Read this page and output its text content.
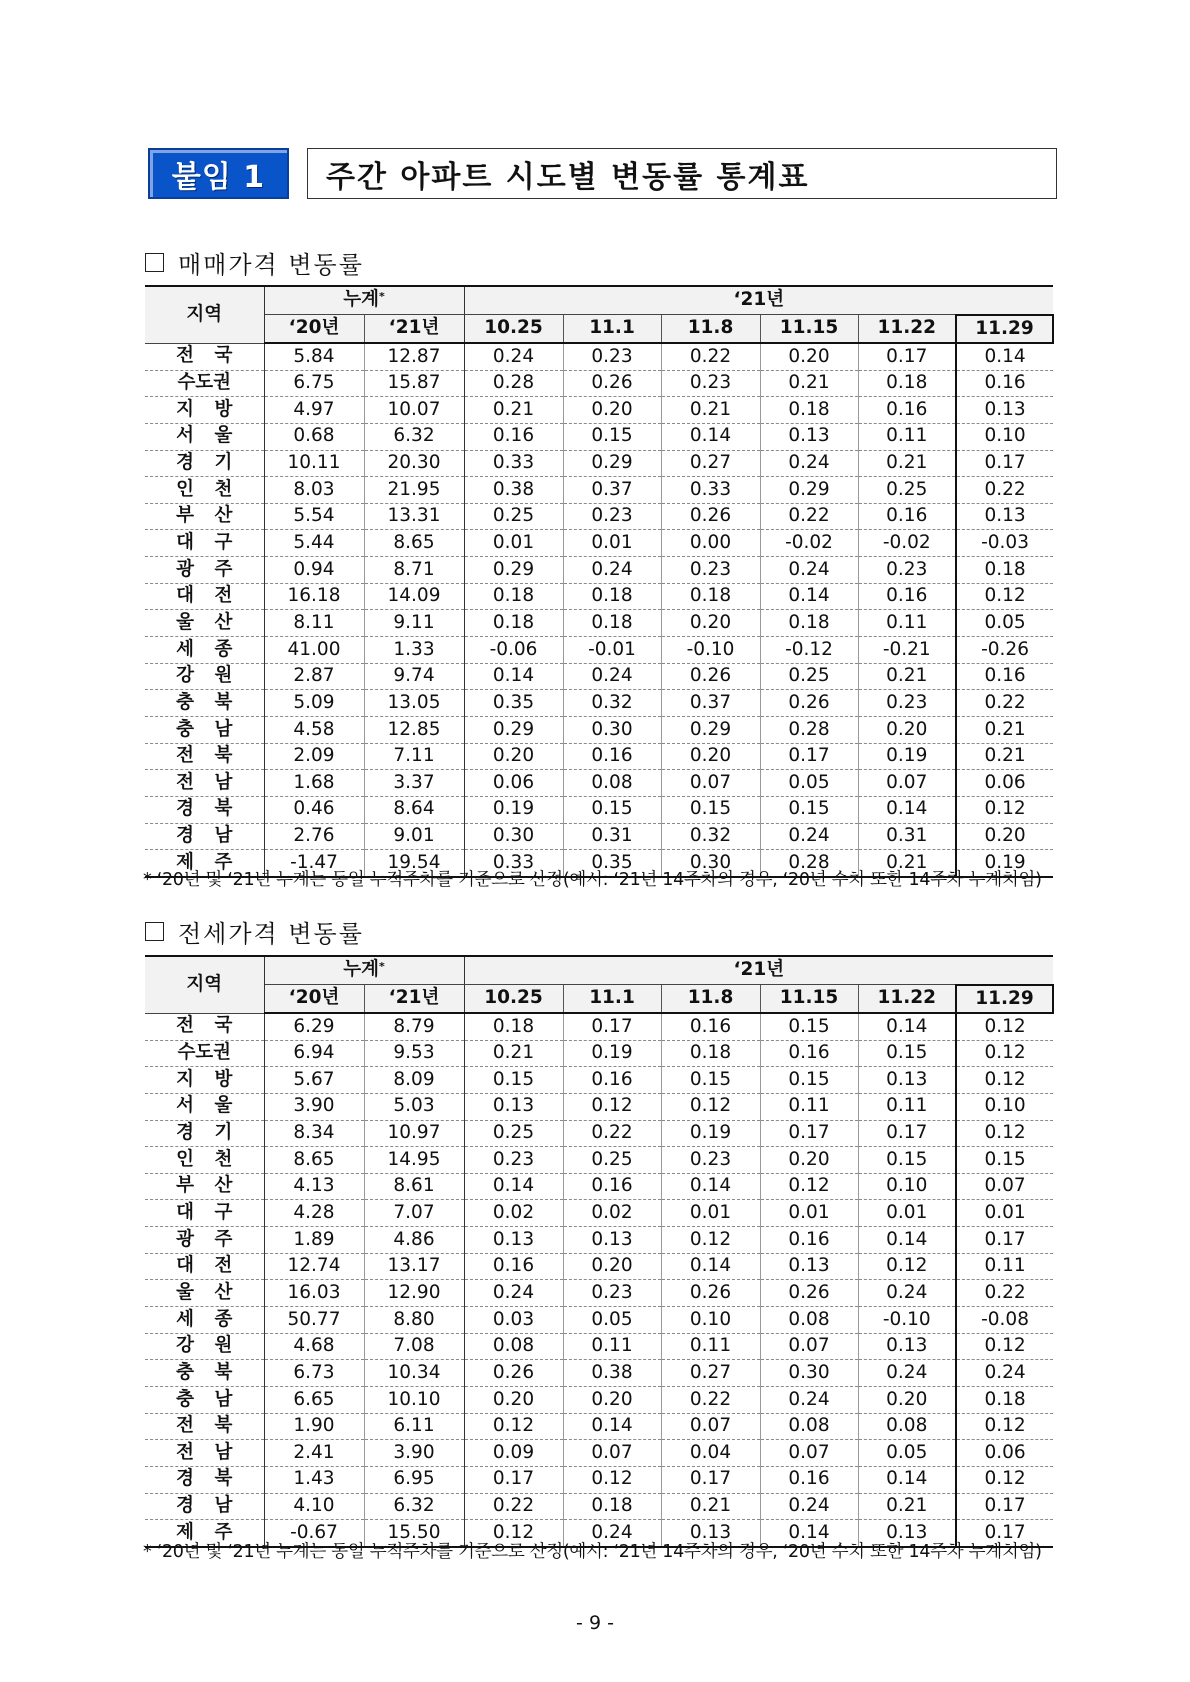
붙임 1 주간 아파트 시도별 변동률 통계표
매매가격 변동률
지역	누계*		‘21년					
	‘20년	‘21년	10.25	11.1	11.8	11.15	11.22	11.29
전 국	5.84	12.87	0.24	0.23	0.22	0.20	0.17	0.14
수도권	6.75	15.87	0.28	0.26	0.23	0.21	0.18	0.16
지 방	4.97	10.07	0.21	0.20	0.21	0.18	0.16	0.13
서 울	0.68	6.32	0.16	0.15	0.14	0.13	0.11	0.10
경 기	10.11	20.30	0.33	0.29	0.27	0.24	0.21	0.17
인 천	8.03	21.95	0.38	0.37	0.33	0.29	0.25	0.22
부 산	5.54	13.31	0.25	0.23	0.26	0.22	0.16	0.13
대 구	5.44	8.65	0.01	0.01	0.00	-0.02	-0.02	-0.03
광 주	0.94	8.71	0.29	0.24	0.23	0.24	0.23	0.18
대 전	16.18	14.09	0.18	0.18	0.18	0.14	0.16	0.12
울 산	8.11	9.11	0.18	0.18	0.20	0.18	0.11	0.05
세 종	41.00	1.33	-0.06	-0.01	-0.10	-0.12	-0.21	-0.26
강 원	2.87	9.74	0.14	0.24	0.26	0.25	0.21	0.16
충 북	5.09	13.05	0.35	0.32	0.37	0.26	0.23	0.22
충 남	4.58	12.85	0.29	0.30	0.29	0.28	0.20	0.21
전 북	2.09	7.11	0.20	0.16	0.20	0.17	0.19	0.21
전 남	1.68	3.37	0.06	0.08	0.07	0.05	0.07	0.06
경 북	0.46	8.64	0.19	0.15	0.15	0.15	0.14	0.12
경 남	2.76	9.01	0.30	0.31	0.32	0.24	0.31	0.20
제 주	-1.47	19.54	0.33	0.35	0.30	0.28	0.21	0.19
* ‘20년 및 ‘21년 누계는 동일 누적주차를 기준으로 산정(예시: ‘21년 14주차의 경우, ‘20년 수치 또한 14주차 누계치임)
전세가격 변동률
지역	누계*		‘21년					
	‘20년	‘21년	10.25	11.1	11.8	11.15	11.22	11.29
전 국	6.29	8.79	0.18	0.17	0.16	0.15	0.14	0.12
수도권	6.94	9.53	0.21	0.19	0.18	0.16	0.15	0.12
지 방	5.67	8.09	0.15	0.16	0.15	0.15	0.13	0.12
서 울	3.90	5.03	0.13	0.12	0.12	0.11	0.11	0.10
경 기	8.34	10.97	0.25	0.22	0.19	0.17	0.17	0.12
인 천	8.65	14.95	0.23	0.25	0.23	0.20	0.15	0.15
부 산	4.13	8.61	0.14	0.16	0.14	0.12	0.10	0.07
대 구	4.28	7.07	0.02	0.02	0.01	0.01	0.01	0.01
광 주	1.89	4.86	0.13	0.13	0.12	0.16	0.14	0.17
대 전	12.74	13.17	0.16	0.20	0.14	0.13	0.12	0.11
울 산	16.03	12.90	0.24	0.23	0.26	0.26	0.24	0.22
세 종	50.77	8.80	0.03	0.05	0.10	0.08	-0.10	-0.08
강 원	4.68	7.08	0.08	0.11	0.11	0.07	0.13	0.12
충 북	6.73	10.34	0.26	0.38	0.27	0.30	0.24	0.24
충 남	6.65	10.10	0.20	0.20	0.22	0.24	0.20	0.18
전 북	1.90	6.11	0.12	0.14	0.07	0.08	0.08	0.12
전 남	2.41	3.90	0.09	0.07	0.04	0.07	0.05	0.06
경 북	1.43	6.95	0.17	0.12	0.17	0.16	0.14	0.12
경 남	4.10	6.32	0.22	0.18	0.21	0.24	0.21	0.17
제 주	-0.67	15.50	0.12	0.24	0.13	0.14	0.13	0.17
* ‘20년 및 ‘21년 누계는 동일 누적주차를 기준으로 산정(예시: ‘21년 14주차의 경우, ‘20년 수치 또한 14주차 누계치임)
- 9 -
